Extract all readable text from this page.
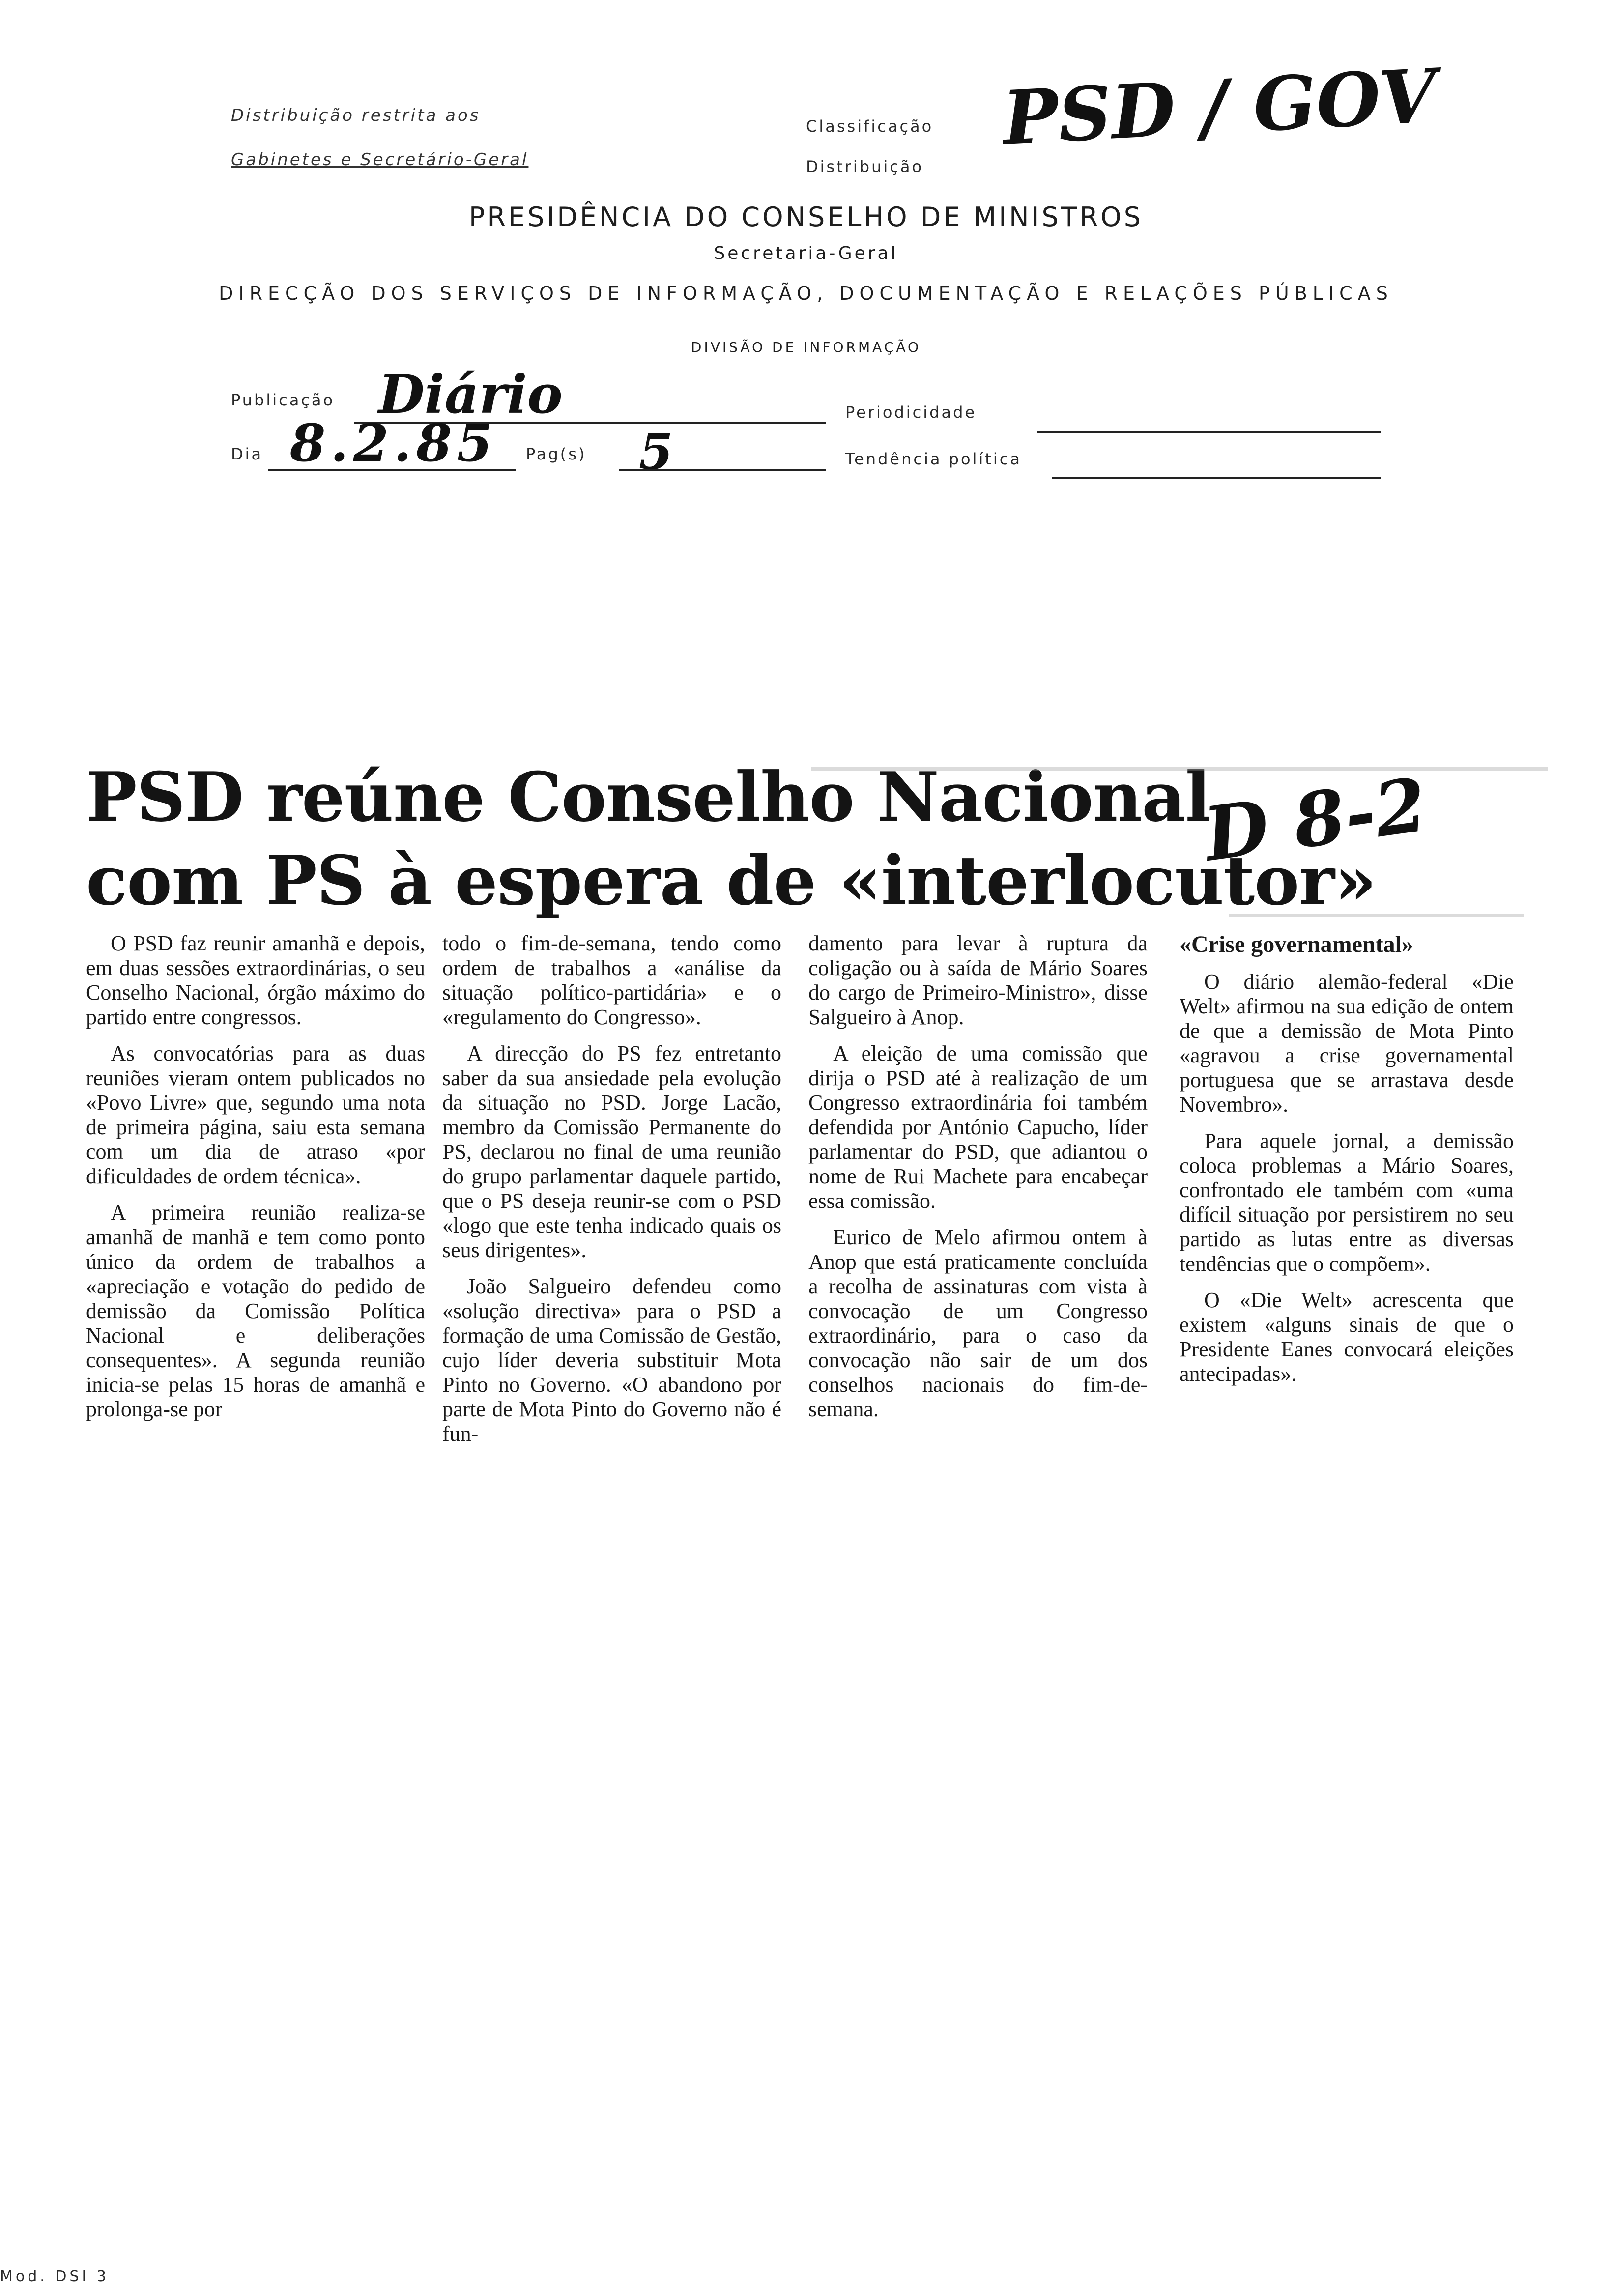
Distribuição restrita aos
Gabinetes e Secretário-Geral
Classificação
Distribuição
PSD / GOV
PRESIDÊNCIA DO CONSELHO DE MINISTROS
Secretaria-Geral
DIRECÇÃO DOS SERVIÇOS DE INFORMAÇÃO, DOCUMENTAÇÃO E RELAÇÕES PÚBLICAS
DIVISÃO DE INFORMAÇÃO
Publicação Diário	Periodicidade
Dia 8.2.85 Pag(s) 5	Tendência política
PSD reúne Conselho Nacional
com PS à espera de «interlocutor»
D 8-2

O PSD faz reunir amanhã e depois, em duas sessões extraordinárias, o seu Conselho Nacional, órgão máximo do partido entre congressos.

As convocatórias para as duas reuniões vieram ontem publicados no «Povo Livre» que, segundo uma nota de primeira página, saiu esta semana com um dia de atraso «por dificuldades de ordem técnica».

A primeira reunião realiza-se amanhã de manhã e tem como ponto único da ordem de trabalhos a «apreciação e votação do pedido de demissão da Comissão Política Nacional e deliberações consequentes». A segunda reunião inicia-se pelas 15 horas de amanhã e prolonga-se por

todo o fim-de-semana, tendo como ordem de trabalhos a «análise da situação político-partidária» e o «regulamento do Congresso».

A direcção do PS fez entretanto saber da sua ansiedade pela evolução da situação no PSD. Jorge Lacão, membro da Comissão Permanente do PS, declarou no final de uma reunião do grupo parlamentar daquele partido, que o PS deseja reunir-se com o PSD «logo que este tenha indicado quais os seus dirigentes».

João Salgueiro defendeu como «solução directiva» para o PSD a formação de uma Comissão de Gestão, cujo líder deveria substituir Mota Pinto no Governo. «O abandono por parte de Mota Pinto do Governo não é fun-

damento para levar à ruptura da coligação ou à saída de Mário Soares do cargo de Primeiro-Ministro», disse Salgueiro à Anop.

A eleição de uma comissão que dirija o PSD até à realização de um Congresso extraordinária foi também defendida por António Capucho, líder parlamentar do PSD, que adiantou o nome de Rui Machete para encabeçar essa comissão.

Eurico de Melo afirmou ontem à Anop que está praticamente concluída a recolha de assinaturas com vista à convocação de um Congresso extraordinário, para o caso da convocação não sair de um dos conselhos nacionais do fim-de-semana.

«Crise governamental»

O diário alemão-federal «Die Welt» afirmou na sua edição de ontem de que a demissão de Mota Pinto «agravou a crise governamental portuguesa que se arrastava desde Novembro».

Para aquele jornal, a demissão coloca problemas a Mário Soares, confrontado ele também com «uma difícil situação por persistirem no seu partido as lutas entre as diversas tendências que o compõem».

O «Die Welt» acrescenta que existem «alguns sinais de que o Presidente Eanes convocará eleições antecipadas».

Mod. DSI 3
